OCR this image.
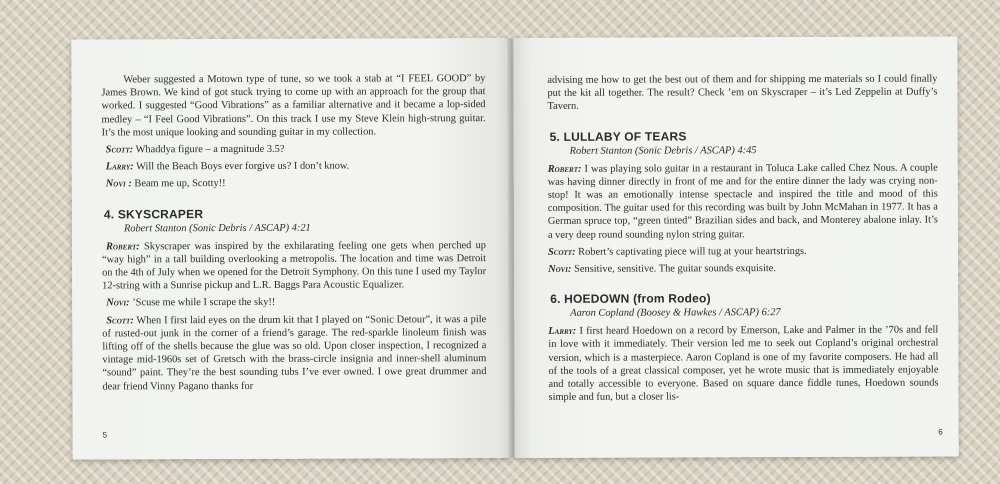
Weber suggested a Motown type of tune, so we took a stab at “I FEEL GOOD” by James Brown. We kind of got stuck trying to come up with an approach for the group that worked. I suggested “Good Vibrations” as a familiar alternative and it became a lop-sided medley – “I Feel Good Vibrations”. On this track I use my Steve Klein high-strung guitar. It’s the most unique looking and sounding guitar in my collection.

Scott: Whaddya figure – a magnitude 3.5?

Larry: Will the Beach Boys ever forgive us? I don’t know.

Novi : Beam me up, Scotty!!

4. SKYSCRAPER
Robert Stanton (Sonic Debris / ASCAP) 4:21

Robert: Skyscraper was inspired by the exhilarating feeling one gets when perched up “way high” in a tall building overlooking a metropolis. The location and time was Detroit on the 4th of July when we opened for the Detroit Symphony. On this tune I used my Taylor 12-string with a Sunrise pickup and L.R. Baggs Para Acoustic Equalizer.

Novi: ’Scuse me while I scrape the sky!!

Scott: When I first laid eyes on the drum kit that I played on “Sonic Detour”, it was a pile of rusted-out junk in the corner of a friend’s garage. The red-sparkle linoleum finish was lifting off of the shells because the glue was so old. Upon closer inspection, I recognized a vintage mid-1960s set of Gretsch with the brass-circle insignia and inner-shell aluminum “sound” paint. They’re the best sounding tubs I’ve ever owned. I owe great drummer and dear friend Vinny Pagano thanks for

5

advising me how to get the best out of them and for shipping me materials so I could finally put the kit all together. The result? Check ’em on Skyscraper – it’s Led Zeppelin at Duffy’s Tavern.

5. LULLABY OF TEARS
Robert Stanton (Sonic Debris / ASCAP) 4:45

Robert: I was playing solo guitar in a restaurant in Toluca Lake called Chez Nous. A couple was having dinner directly in front of me and for the entire dinner the lady was crying non-stop! It was an emotionally intense spectacle and inspired the title and mood of this composition. The guitar used for this recording was built by John McMahan in 1977. It has a German spruce top, “green tinted” Brazilian sides and back, and Monterey abalone inlay. It’s a very deep round sounding nylon string guitar.

Scott: Robert’s captivating piece will tug at your heartstrings.

Novi: Sensitive, sensitive. The guitar sounds exquisite.

6. HOEDOWN (from Rodeo)
Aaron Copland (Boosey & Hawkes / ASCAP) 6:27

Larry: I first heard Hoedown on a record by Emerson, Lake and Palmer in the ’70s and fell in love with it immediately. Their version led me to seek out Copland’s original orchestral version, which is a masterpiece. Aaron Copland is one of my favorite composers. He had all of the tools of a great classical composer, yet he wrote music that is immediately enjoyable and totally accessible to everyone. Based on square dance fiddle tunes, Hoedown sounds simple and fun, but a closer lis-

6
